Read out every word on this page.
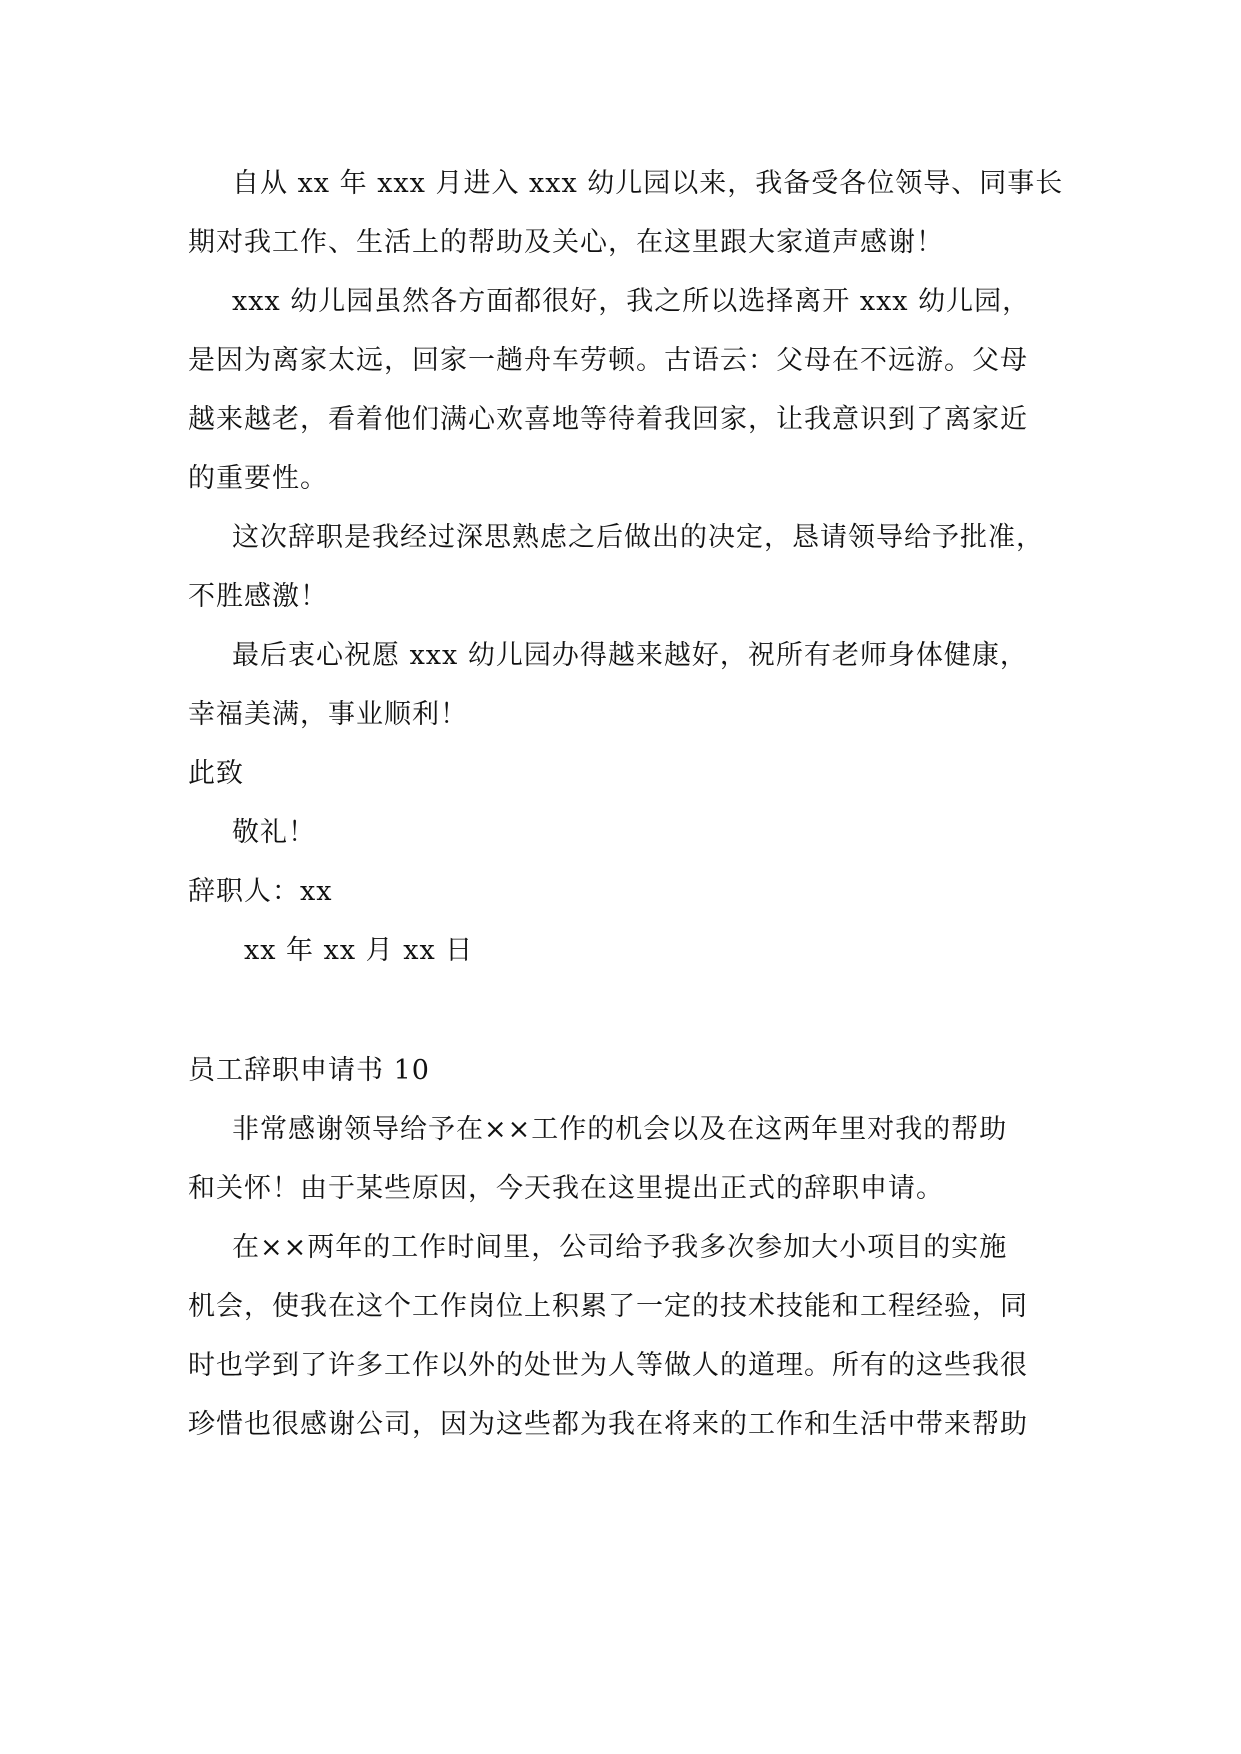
自从 xx 年 xxx 月进入 xxx 幼儿园以来，我备受各位领导、同事长
期对我工作、生活上的帮助及关心，在这里跟大家道声感谢！
xxx 幼儿园虽然各方面都很好，我之所以选择离开 xxx 幼儿园，
是因为离家太远，回家一趟舟车劳顿。古语云：父母在不远游。父母
越来越老，看着他们满心欢喜地等待着我回家，让我意识到了离家近
的重要性。
这次辞职是我经过深思熟虑之后做出的决定，恳请领导给予批准，
不胜感激！
最后衷心祝愿 xxx 幼儿园办得越来越好，祝所有老师身体健康，
幸福美满，事业顺利！
此致
敬礼！
辞职人：xx
xx 年 xx 月 xx 日
员工辞职申请书 10
非常感谢领导给予在××工作的机会以及在这两年里对我的帮助
和关怀！由于某些原因，今天我在这里提出正式的辞职申请。
在××两年的工作时间里，公司给予我多次参加大小项目的实施
机会，使我在这个工作岗位上积累了一定的技术技能和工程经验，同
时也学到了许多工作以外的处世为人等做人的道理。所有的这些我很
珍惜也很感谢公司，因为这些都为我在将来的工作和生活中带来帮助
